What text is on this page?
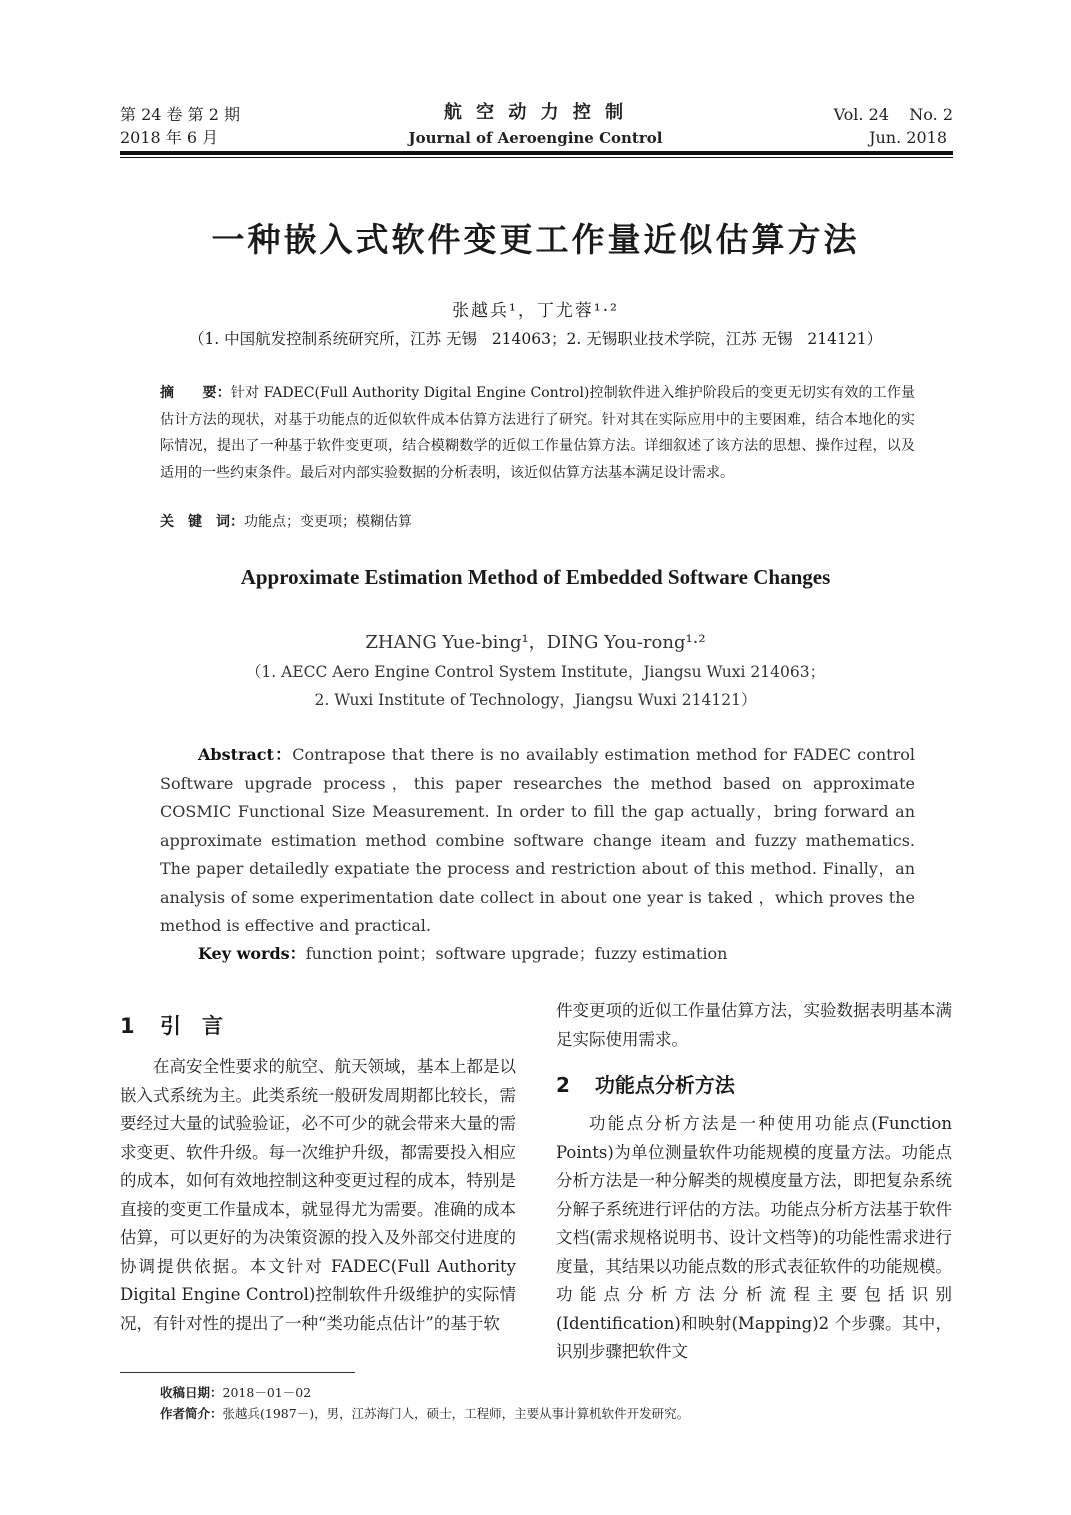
第 24 卷 第 2 期
2018 年 6 月
航 空 动 力 控 制
Journal of Aeroengine Control
Vol. 24    No. 2
Jun. 2018
一种嵌入式软件变更工作量近似估算方法
张越兵¹，丁尤蓉¹·²
（1. 中国航发控制系统研究所，江苏 无锡   214063；2. 无锡职业技术学院，江苏 无锡   214121）
摘　　要：针对 FADEC(Full Authority Digital Engine Control)控制软件进入维护阶段后的变更无切实有效的工作量估计方法的现状，对基于功能点的近似软件成本估算方法进行了研究。针对其在实际应用中的主要困难，结合本地化的实际情况，提出了一种基于软件变更项，结合模糊数学的近似工作量估算方法。详细叙述了该方法的思想、操作过程，以及适用的一些约束条件。最后对内部实验数据的分析表明，该近似估算方法基本满足设计需求。
关　键　词：功能点；变更项；模糊估算
Approximate Estimation Method of Embedded Software Changes
ZHANG Yue-bing¹，DING You-rong¹·²
（1. AECC Aero Engine Control System Institute，Jiangsu Wuxi 214063；
2. Wuxi Institute of Technology，Jiangsu Wuxi 214121）
Abstract：Contrapose that there is no availably estimation method for FADEC control Software upgrade process，this paper researches the method based on approximate COSMIC Functional Size Measurement. In order to fill the gap actually，bring forward an approximate estimation method combine software change iteam and fuzzy mathematics. The paper detailedly expatiate the process and restriction about of this method. Finally，an analysis of some experimentation date collect in about one year is taked ，which proves the method is effective and practical.
Key words：function point；software upgrade；fuzzy estimation
1 引　言

在高安全性要求的航空、航天领域，基本上都是以嵌入式系统为主。此类系统一般研发周期都比较长，需要经过大量的试验验证，必不可少的就会带来大量的需求变更、软件升级。每一次维护升级，都需要投入相应的成本，如何有效地控制这种变更过程的成本，特别是直接的变更工作量成本，就显得尤为需要。准确的成本估算，可以更好的为决策资源的投入及外部交付进度的协调提供依据。本文针对 FADEC(Full Authority Digital Engine Control)控制软件升级维护的实际情况，有针对性的提出了一种“类功能点估计”的基于软

件变更项的近似工作量估算方法，实验数据表明基本满足实际使用需求。

2 功能点分析方法

功能点分析方法是一种使用功能点(Function Points)为单位测量软件功能规模的度量方法。功能点分析方法是一种分解类的规模度量方法，即把复杂系统分解子系统进行评估的方法。功能点分析方法基于软件文档(需求规格说明书、设计文档等)的功能性需求进行度量，其结果以功能点数的形式表征软件的功能规模。功能点分析方法分析流程主要包括识别(Identification)和映射(Mapping)2 个步骤。其中，识别步骤把软件文

收稿日期：2018－01－02
作者简介：张越兵(1987－)，男，江苏海门人，硕士，工程师，主要从事计算机软件开发研究。
